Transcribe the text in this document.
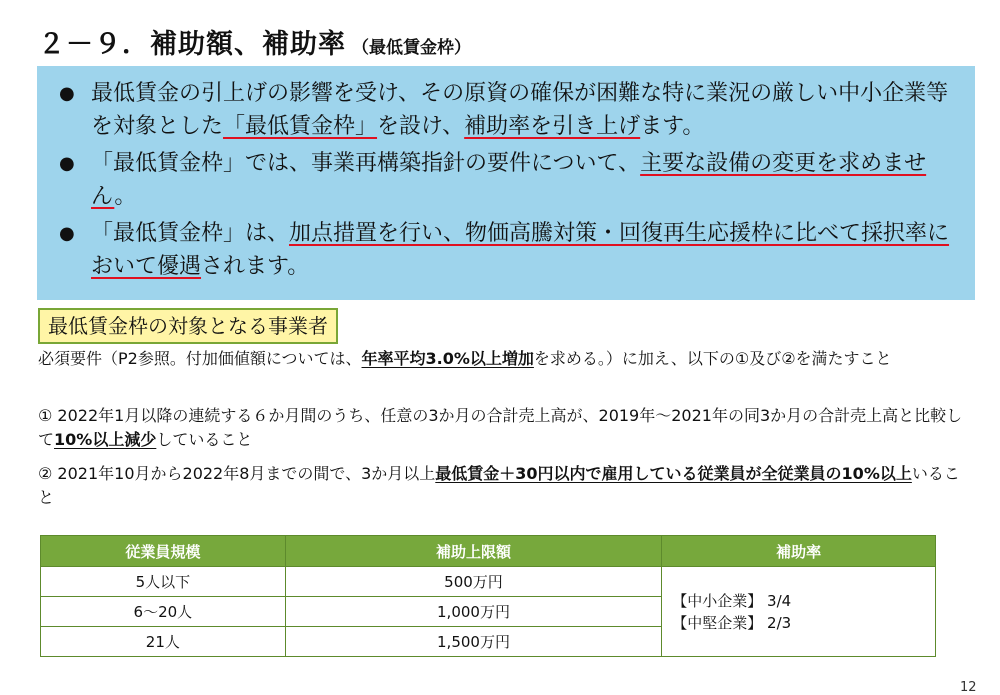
２－９．補助額、補助率 （最低賃金枠）
● 最低賃金の引上げの影響を受け、その原資の確保が困難な特に業況の厳しい中小企業等を対象とした「最低賃金枠」を設け、補助率を引き上げます。
● 「最低賃金枠」では、事業再構築指針の要件について、主要な設備の変更を求めません。
● 「最低賃金枠」は、加点措置を行い、物価高騰対策・回復再生応援枠に比べて採択率において優遇されます。
最低賃金枠の対象となる事業者
必須要件（P2参照。付加価値額については、年率平均3.0%以上増加を求める。）に加え、以下の①及び②を満たすこと
① 2022年1月以降の連続する６か月間のうち、任意の3か月の合計売上高が、2019年～2021年の同3か月の合計売上高と比較して10%以上減少していること
② 2021年10月から2022年8月までの間で、3か月以上最低賃金＋30円以内で雇用している従業員が全従業員の10%以上いること
従業員規模	補助上限額	補助率
5人以下	500万円	【中小企業】 3/4
【中堅企業】 2/3

6～20人	1,000万円	
21人	1,500万円	
12
